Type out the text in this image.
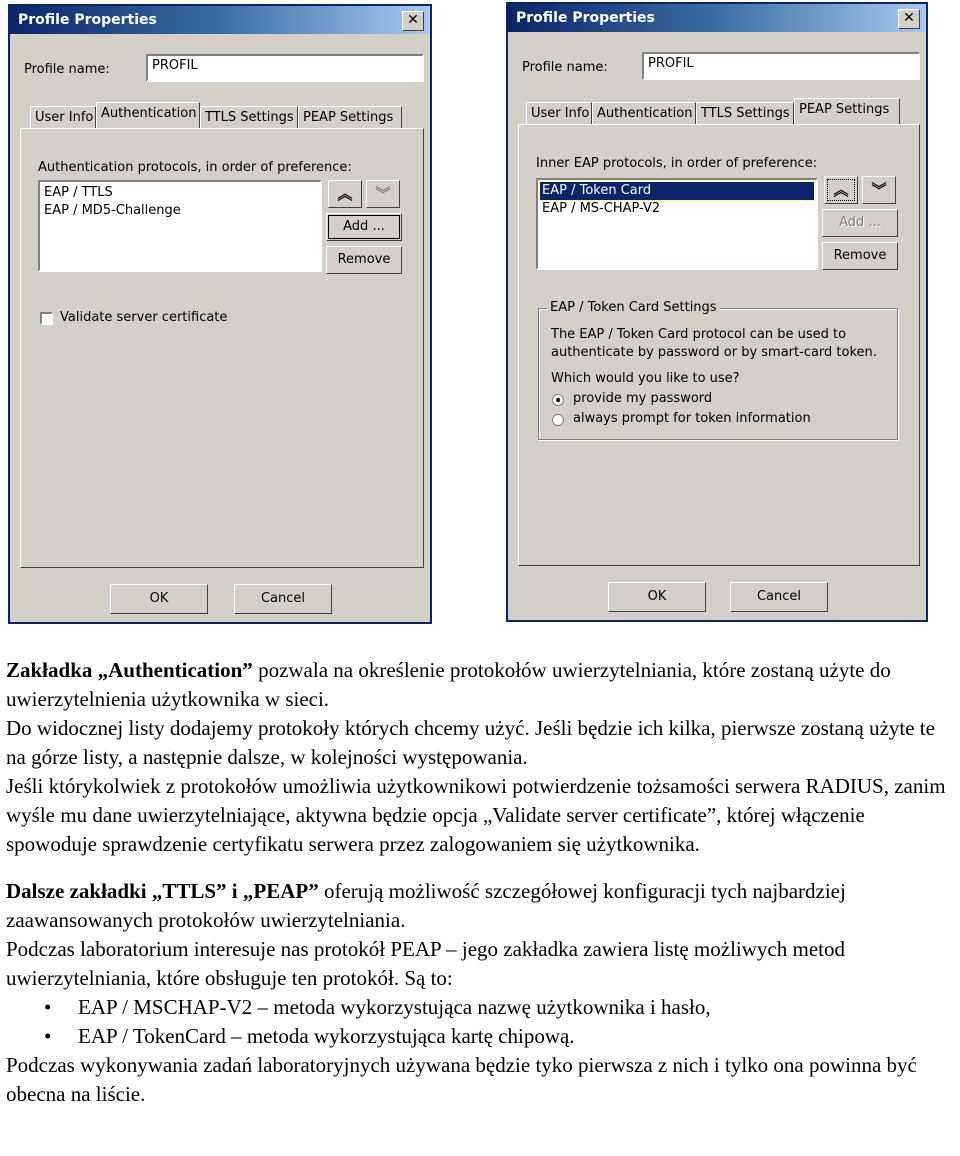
Profile Properties	✕
Profile name:	PROFIL
User Info Authentication TTLS Settings PEAP Settings
Authentication protocols, in order of preference:
EAP / TTLS
EAP / MD5-Challenge
︽	︾
Add ...
Remove
Validate server certificate
OK	Cancel
Profile Properties	✕
Profile name:	PROFIL
User Info Authentication TTLS Settings PEAP Settings
Inner EAP protocols, in order of preference:
EAP / Token Card
EAP / MS-CHAP-V2
︽	︾
Add ...
Remove
EAP / Token Card Settings
The EAP / Token Card protocol can be used to
authenticate by password or by smart-card token.
Which would you like to use?
provide my password
always prompt for token information
OK	Cancel

Zakładka „Authentication” pozwala na określenie protokołów uwierzytelniania, które zostaną użyte do uwierzytelnienia użytkownika w sieci.

Do widocznej listy dodajemy protokoły których chcemy użyć. Jeśli będzie ich kilka, pierwsze zostaną użyte te na górze listy, a następnie dalsze, w kolejności występowania.

Jeśli którykolwiek z protokołów umożliwia użytkownikowi potwierdzenie tożsamości serwera RADIUS, zanim wyśle mu dane uwierzytelniające, aktywna będzie opcja „Validate server certificate”, której włączenie spowoduje sprawdzenie certyfikatu serwera przez zalogowaniem się użytkownika.

Dalsze zakładki „TTLS” i „PEAP” oferują możliwość szczegółowej konfiguracji tych najbardziej zaawansowanych protokołów uwierzytelniania.

Podczas laboratorium interesuje nas protokół PEAP – jego zakładka zawiera listę możliwych metod uwierzytelniania, które obsługuje ten protokół. Są to:

• EAP / MSCHAP-V2 – metoda wykorzystująca nazwę użytkownika i hasło,
• EAP / TokenCard – metoda wykorzystująca kartę chipową.

Podczas wykonywania zadań laboratoryjnych używana będzie tyko pierwsza z nich i tylko ona powinna być obecna na liście.
